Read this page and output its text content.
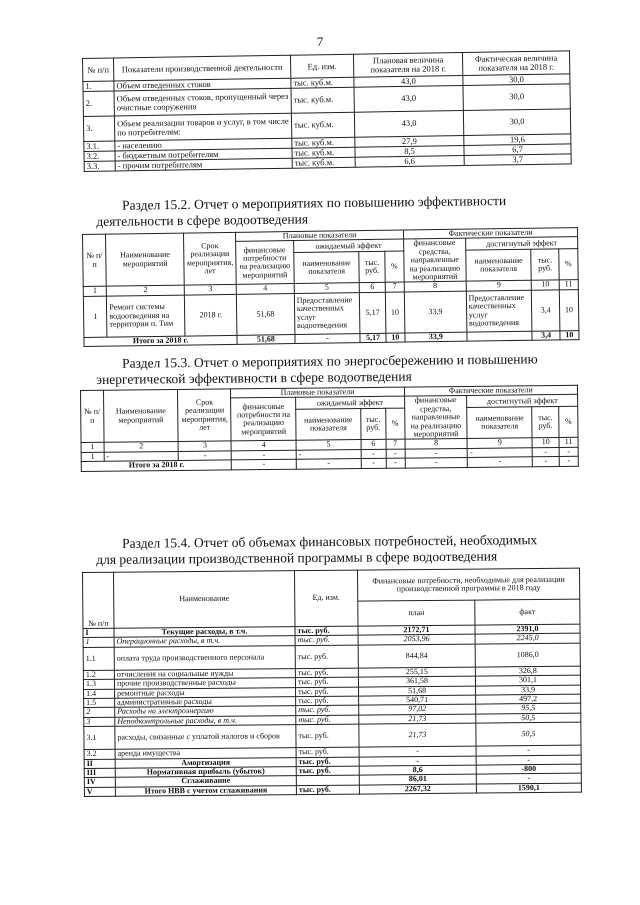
7
№ п/п	Показатели производственной деятельности	Ед. изм.	Плановая величина показателя на 2018 г.	Фактическая величина показателя на 2018 г.
1.	Объем отведенных стоков	тыс. куб.м.	43,0	30,0
2.	Объем отведенных стоков, пропущенный через очистные сооружения	тыс. куб.м.	43,0	30,0
3.	Объем реализации товаров и услуг, в том числе по потребителям:	тыс. куб.м.	43,0	30,0
3.1.	- населению	тыс. куб.м.	27,9	19,6
3.2.	- бюджетным потребителям	тыс. куб.м.	8,5	6,7
3.3.	- прочим потребителям	тыс. куб.м.	6,6	3,7
Раздел 15.2. Отчет о мероприятиях по повышению эффективности
деятельности в сфере водоотведения
№ п/ п	Наименование мероприятий	Срок реализации мероприятия, лет	Плановые показатели				Фактические показатели			
			финансовые потребности на реализацию мероприятий	ожидаемый эффект			финансовые средства, направленные на реализацию мероприятий	достигнутый эффект		
				наименование показателя	тыс. руб.	%		наименование показателя	тыс. руб.	%
1	2	3	4	5	6	7	8	9	10	11
1	Ремонт системы водоотведения на территории п. Тим	2018 г.	51,68	Предоставление качественных услуг водоотведения	5,17	10	33,9	Предоставление качественных услуг водоотведения	3,4	10
Итого за 2018 г.			51,68	-	5,17	10	33,9		3,4	10
Раздел 15.3. Отчет о мероприятиях по энергосбережению и повышению
энергетической эффективности в сфере водоотведения
№ п/ п	Наименование мероприятий	Срок реализации мероприятия, лет	Плановые показатели				Фактические показатели			
			финансовые потребности на реализацию мероприятий	ожидаемый эффект			финансовые средства, направленные на реализацию мероприятий	достигнутый эффект		
				наименование показателя	тыс. руб.	%		наименование показателя	тыс. руб.	%
1	2	3	4	5	6	7	8	9	10	11
1	-	-	-	-	-	-	-	-	-	-
Итого за 2018 г.			-	-	-	-	-	-	-	-
Раздел 15.4. Отчет об объемах финансовых потребностей, необходимых
для реализации производственной программы в сфере водоотведения
№ п/п	Наименование	Ед. изм.	Финансовые потребности, необходимые для реализации производственной программы в 2018 году	
			план	факт
I	Текущие расходы, в т.ч.	тыс. руб.	2172,71	2391,0
1	Операционные расходы, в т.ч.	тыс. руб.	2053,96	2245,0
1.1	оплата труда производственного персонала	тыс. руб.	844,84	1086,0
1.2	отчисления на социальные нужды	тыс. руб.	255,15	326,8
1.3	прочие производственные расходы	тыс. руб.	361,58	301,1
1.4	ремонтные расходы	тыс. руб.	51,68	33,9
1.5	административные расходы	тыс. руб.	540,71	497,2
2	Расходы на электроэнергию	тыс. руб.	97,02	95,5
3	Неподконтрольные расходы, в т.ч.	тыс. руб.	21,73	50,5
3.1	расходы, связанные с уплатой налогов и сборов	тыс. руб.	21,73	50,5
3.2	аренда имущества	тыс. руб.	-	-
II	Амортизация	тыс. руб.	-	-
III	Нормативная прибыль (убыток)	тыс. руб.	8,6	-800
IV	Сглаживание		86,01	-
V	Итого НВВ с учетом сглаживания	тыс. руб.	2267,32	1590,1
